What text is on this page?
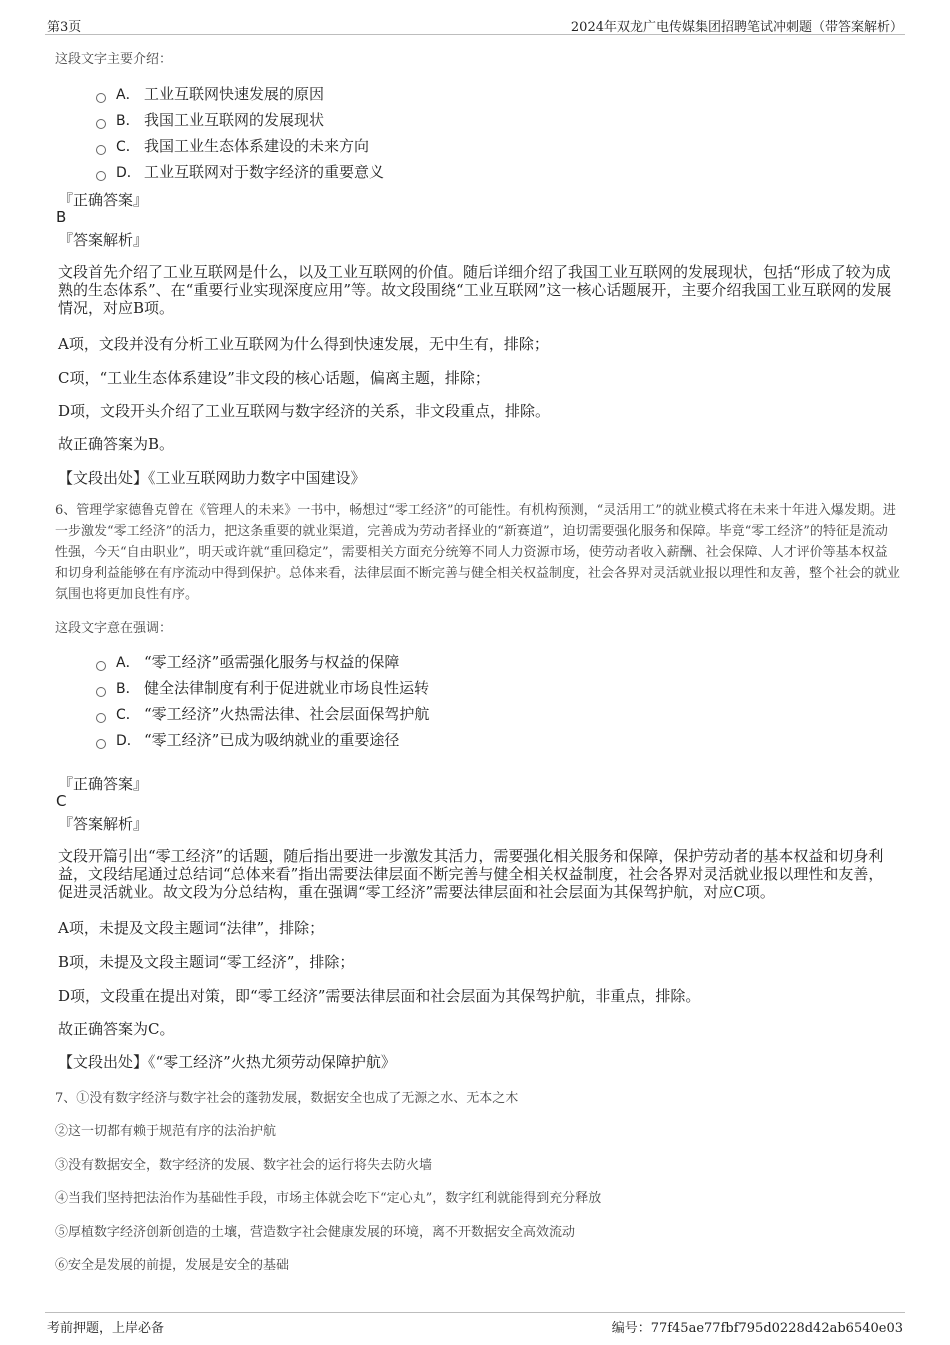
第3页	2024年双龙广电传媒集团招聘笔试冲刺题（带答案解析）
这段文字主要介绍：
A． 工业互联网快速发展的原因
B． 我国工业互联网的发展现状
C． 我国工业生态体系建设的未来方向
D． 工业互联网对于数字经济的重要意义
『正确答案』
B
『答案解析』
文段首先介绍了工业互联网是什么，以及工业互联网的价值。随后详细介绍了我国工业互联网的发展现状，包括“形成了较为成熟的生态体系”、在“重要行业实现深度应用”等。故文段围绕“工业互联网”这一核心话题展开，主要介绍我国工业互联网的发展情况，对应B项。
A项，文段并没有分析工业互联网为什么得到快速发展，无中生有，排除；
C项，“工业生态体系建设”非文段的核心话题，偏离主题，排除；
D项，文段开头介绍了工业互联网与数字经济的关系，非文段重点，排除。
故正确答案为B。
【文段出处】《工业互联网助力数字中国建设》
6、管理学家德鲁克曾在《管理人的未来》一书中，畅想过“零工经济”的可能性。有机构预测，“灵活用工”的就业模式将在未来十年进入爆发期。进一步激发“零工经济”的活力，把这条重要的就业渠道，完善成为劳动者择业的“新赛道”，迫切需要强化服务和保障。毕竟“零工经济”的特征是流动性强，今天“自由职业”，明天或许就“重回稳定”，需要相关方面充分统筹不同人力资源市场，使劳动者收入薪酬、社会保障、人才评价等基本权益和切身利益能够在有序流动中得到保护。总体来看，法律层面不断完善与健全相关权益制度，社会各界对灵活就业报以理性和友善，整个社会的就业氛围也将更加良性有序。
这段文字意在强调：
A． “零工经济”亟需强化服务与权益的保障
B． 健全法律制度有利于促进就业市场良性运转
C． “零工经济”火热需法律、社会层面保驾护航
D． “零工经济”已成为吸纳就业的重要途径
『正确答案』
C
『答案解析』
文段开篇引出“零工经济”的话题，随后指出要进一步激发其活力，需要强化相关服务和保障，保护劳动者的基本权益和切身利益，文段结尾通过总结词“总体来看”指出需要法律层面不断完善与健全相关权益制度，社会各界对灵活就业报以理性和友善，促进灵活就业。故文段为分总结构，重在强调“零工经济”需要法律层面和社会层面为其保驾护航，对应C项。
A项，未提及文段主题词“法律”，排除；
B项，未提及文段主题词“零工经济”，排除；
D项，文段重在提出对策，即“零工经济”需要法律层面和社会层面为其保驾护航，非重点，排除。
故正确答案为C。
【文段出处】《“零工经济”火热尤须劳动保障护航》
7、①没有数字经济与数字社会的蓬勃发展，数据安全也成了无源之水、无本之木
②这一切都有赖于规范有序的法治护航
③没有数据安全，数字经济的发展、数字社会的运行将失去防火墙
④当我们坚持把法治作为基础性手段，市场主体就会吃下“定心丸”，数字红利就能得到充分释放
⑤厚植数字经济创新创造的土壤，营造数字社会健康发展的环境，离不开数据安全高效流动
⑥安全是发展的前提，发展是安全的基础
考前押题，上岸必备	编号：77f45ae77fbf795d0228d42ab6540e03
